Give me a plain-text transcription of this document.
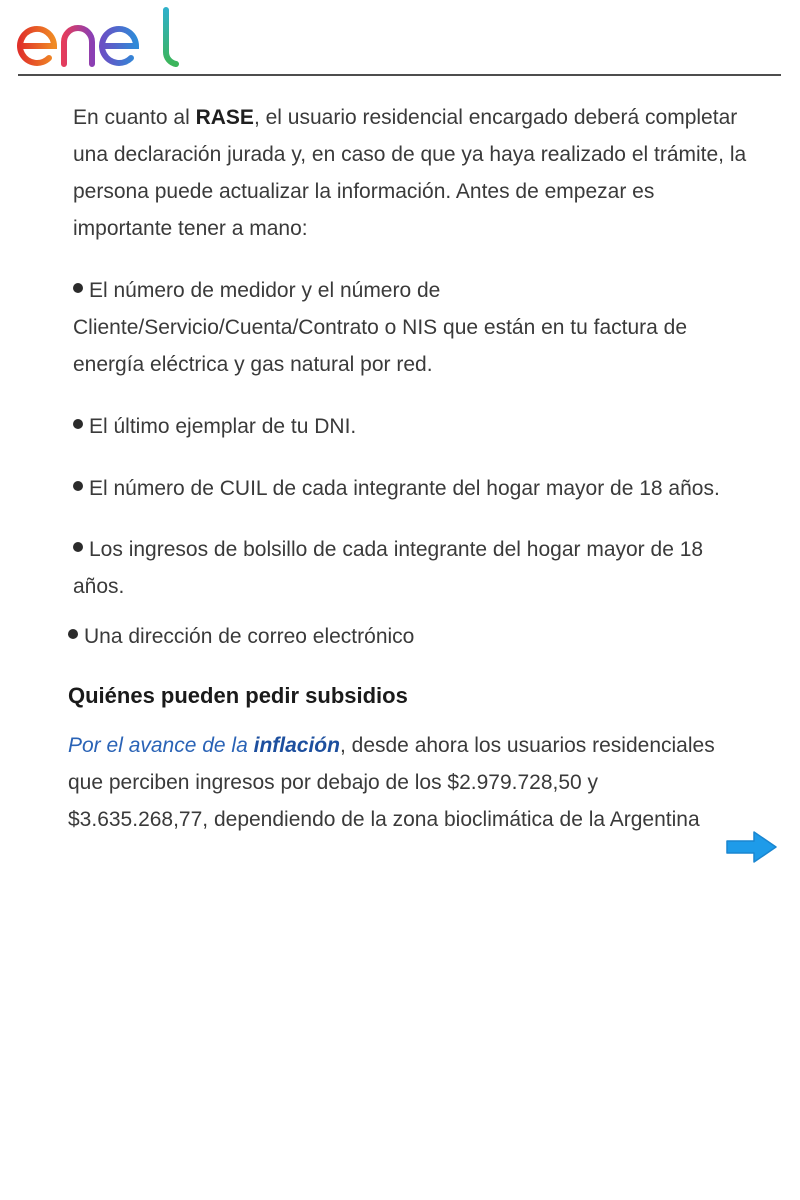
En cuanto al RASE, el usuario residencial encargado deberá completar una declaración jurada y, en caso de que ya haya realizado el trámite, la persona puede actualizar la información. Antes de empezar es importante tener a mano:

El número de medidor y el número de Cliente/Servicio/Cuenta/Contrato o NIS que están en tu factura de energía eléctrica y gas natural por red.

El último ejemplar de tu DNI.

El número de CUIL de cada integrante del hogar mayor de 18 años.

Los ingresos de bolsillo de cada integrante del hogar mayor de 18 años.

Una dirección de correo electrónico

Quiénes pueden pedir subsidios

Por el avance de la inflación, desde ahora los usuarios residenciales que perciben ingresos por debajo de los $2.979.728,50 y $3.635.268,77, dependiendo de la zona bioclimática de la Argentina
